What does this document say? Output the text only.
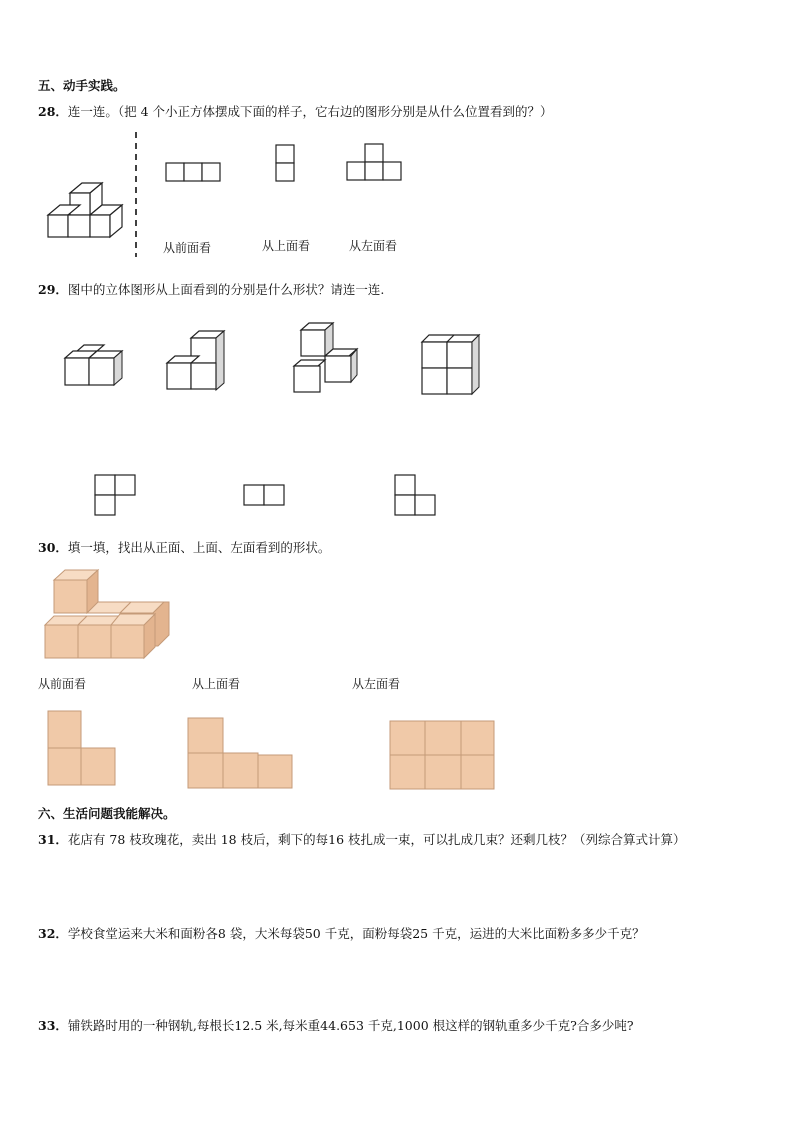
五、动手实践。
28．连一连。（把 4 个小正方体摆成下面的样子，它右边的图形分别是从什么位置看到的？）
从前面看	从上面看	从左面看
29．图中的立体图形从上面看到的分别是什么形状？请连一连.
30．填一填，找出从正面、上面、左面看到的形状。
从前面看	从上面看	从左面看
六、生活问题我能解决。
31．花店有 78 枝玫瑰花，卖出 18 枝后，剩下的每16 枝扎成一束，可以扎成几束？还剩几枝？（列综合算式计算）
32．学校食堂运来大米和面粉各8 袋，大米每袋50 千克，面粉每袋25 千克，运进的大米比面粉多多少千克？
33．铺铁路时用的一种钢轨,每根长12.5 米,每米重44.653 千克,1000 根这样的钢轨重多少千克?合多少吨?
